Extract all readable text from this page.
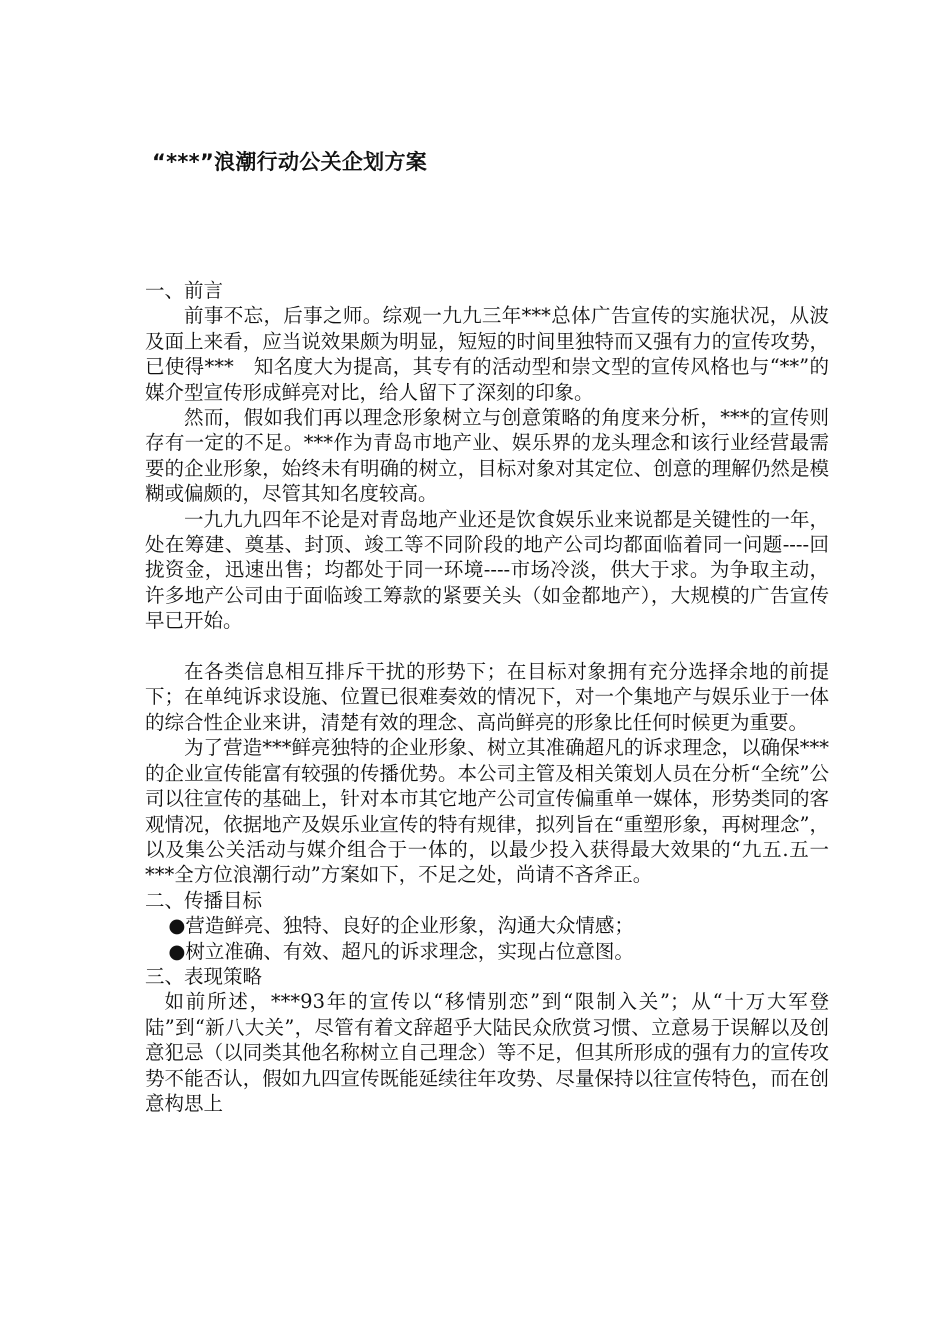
“***”浪潮行动公关企划方案
一、前言

前事不忘，后事之师。综观一九九三年***总体广告宣传的实施状况，从波及面上来看，应当说效果颇为明显，短短的时间里独特而又强有力的宣传攻势，已使得***　知名度大为提高，其专有的活动型和崇文型的宣传风格也与“**”的媒介型宣传形成鲜亮对比，给人留下了深刻的印象。

然而，假如我们再以理念形象树立与创意策略的角度来分析，***的宣传则存有一定的不足。***作为青岛市地产业、娱乐界的龙头理念和该行业经营最需要的企业形象，始终未有明确的树立，目标对象对其定位、创意的理解仍然是模糊或偏颇的，尽管其知名度较高。

一九九九四年不论是对青岛地产业还是饮食娱乐业来说都是关键性的一年，处在筹建、奠基、封顶、竣工等不同阶段的地产公司均都面临着同一问题----回拢资金，迅速出售；均都处于同一环境----市场冷淡，供大于求。为争取主动，许多地产公司由于面临竣工筹款的紧要关头（如金都地产），大规模的广告宣传早已开始。

在各类信息相互排斥干扰的形势下；在目标对象拥有充分选择余地的前提下；在单纯诉求设施、位置已很难奏效的情况下，对一个集地产与娱乐业于一体的综合性企业来讲，清楚有效的理念、高尚鲜亮的形象比任何时候更为重要。

为了营造***鲜亮独特的企业形象、树立其准确超凡的诉求理念，以确保***的企业宣传能富有较强的传播优势。本公司主管及相关策划人员在分析“全统”公司以往宣传的基础上，针对本市其它地产公司宣传偏重单一媒体，形势类同的客观情况，依据地产及娱乐业宣传的特有规律，拟列旨在“重塑形象，再树理念”，以及集公关活动与媒介组合于一体的，以最少投入获得最大效果的“九五.五一***全方位浪潮行动”方案如下，不足之处，尚请不吝斧正。

二、传播目标

●营造鲜亮、独特、良好的企业形象，沟通大众情感；

●树立准确、有效、超凡的诉求理念，实现占位意图。

三、表现策略

如前所述，***93年的宣传以“移情别恋”到“限制入关”；从“十万大军登陆”到“新八大关”，尽管有着文辞超乎大陆民众欣赏习惯、立意易于误解以及创意犯忌（以同类其他名称树立自己理念）等不足，但其所形成的强有力的宣传攻势不能否认，假如九四宣传既能延续往年攻势、尽量保持以往宣传特色，而在创意构思上
